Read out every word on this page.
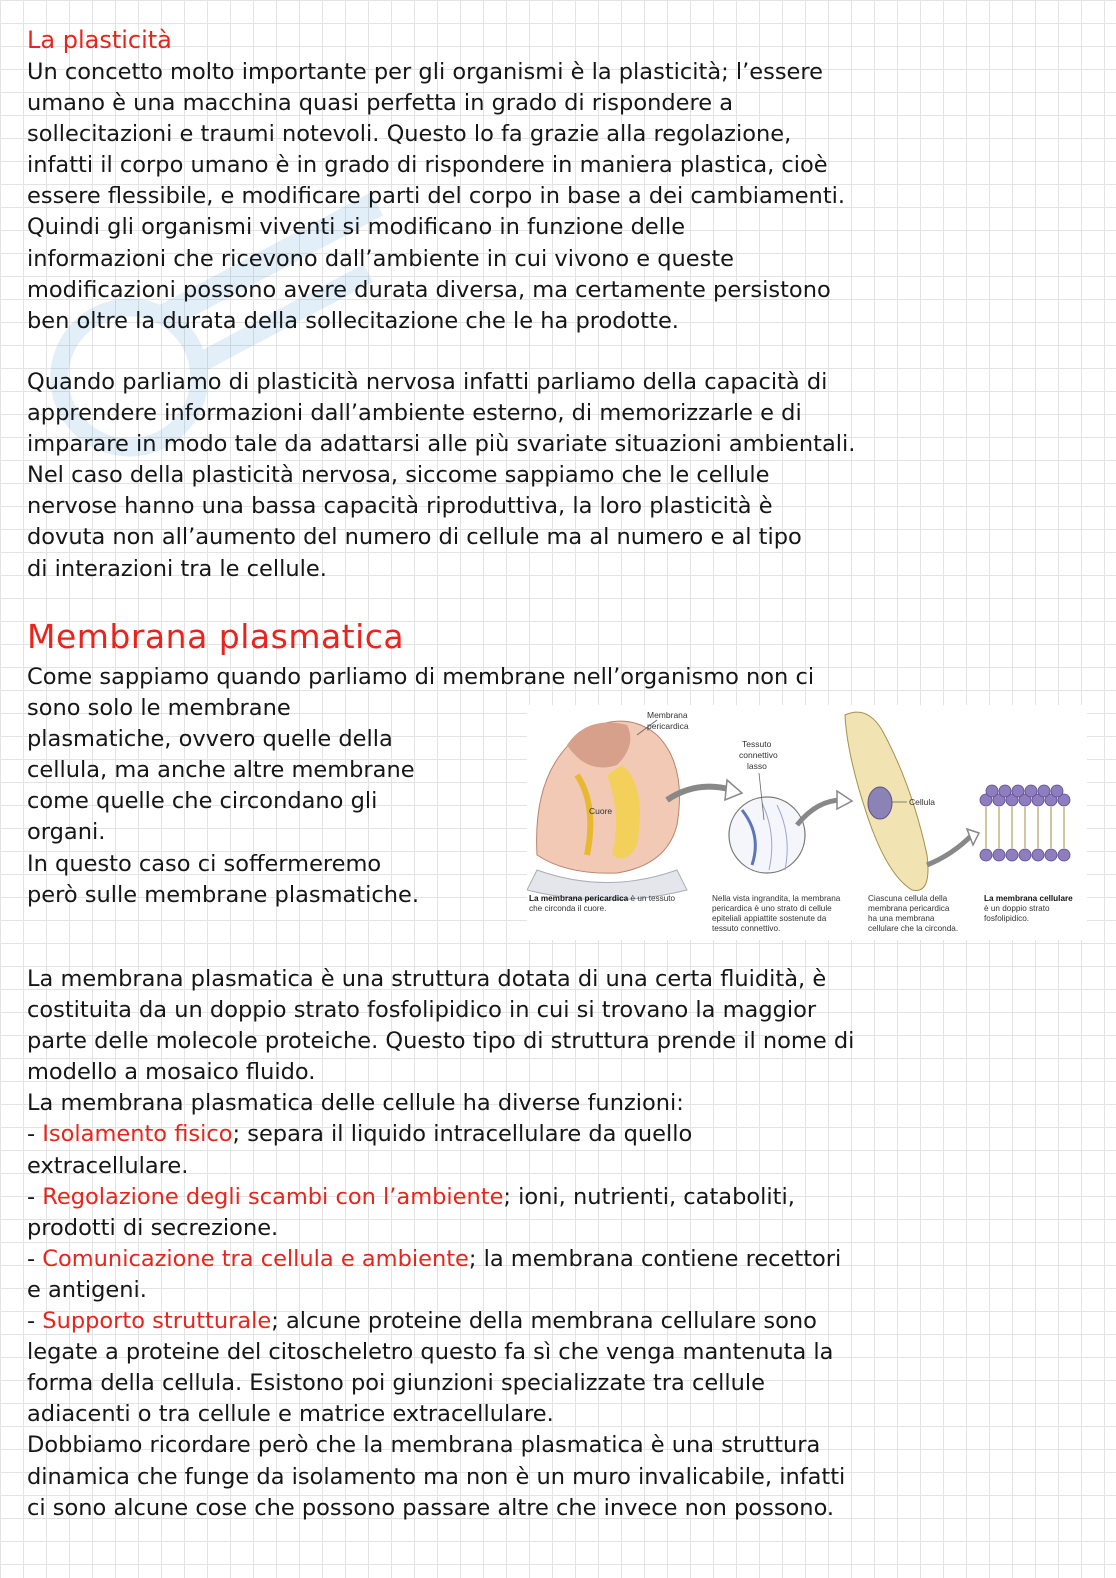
La plasticità

Un concetto molto importante per gli organismi è la plasticità; l’essere
umano è una macchina quasi perfetta in grado di rispondere a
sollecitazioni e traumi notevoli. Questo lo fa grazie alla regolazione,
infatti il corpo umano è in grado di rispondere in maniera plastica, cioè
essere flessibile, e modificare parti del corpo in base a dei cambiamenti.
Quindi gli organismi viventi si modificano in funzione delle
informazioni che ricevono dall’ambiente in cui vivono e queste
modificazioni possono avere durata diversa, ma certamente persistono
ben oltre la durata della sollecitazione che le ha prodotte.

Quando parliamo di plasticità nervosa infatti parliamo della capacità di
apprendere informazioni dall’ambiente esterno, di memorizzarle e di
imparare in modo tale da adattarsi alle più svariate situazioni ambientali.
Nel caso della plasticità nervosa, siccome sappiamo che le cellule
nervose hanno una bassa capacità riproduttiva, la loro plasticità è
dovuta non all’aumento del numero di cellule ma al numero e al tipo
di interazioni tra le cellule.

Membrana plasmatica

Come sappiamo quando parliamo di membrane nell’organismo non ci
sono solo le membrane
plasmatiche, ovvero quelle della
cellula, ma anche altre membrane
come quelle che circondano gli
organi.
In questo caso ci soffermeremo
però sulle membrane plasmatiche.

Membrana
pericardica
Cuore
Tessuto
connettivo
lasso
Cellula
La membrana pericardica è un tessuto
che circonda il cuore.
Nella vista ingrandita, la membrana
pericardica è uno strato di cellule
epiteliali appiattite sostenute da
tessuto connettivo.
Ciascuna cellula della
membrana pericardica
ha una membrana
cellulare che la circonda.
La membrana cellulare
è un doppio strato
fosfolipidico.

La membrana plasmatica è una struttura dotata di una certa fluidità, è
costituita da un doppio strato fosfolipidico in cui si trovano la maggior
parte delle molecole proteiche. Questo tipo di struttura prende il nome di
modello a mosaico fluido.
La membrana plasmatica delle cellule ha diverse funzioni:
- Isolamento fisico; separa il liquido intracellulare da quello
extracellulare.
- Regolazione degli scambi con l’ambiente; ioni, nutrienti, cataboliti,
prodotti di secrezione.
- Comunicazione tra cellula e ambiente; la membrana contiene recettori
e antigeni.
- Supporto strutturale; alcune proteine della membrana cellulare sono
legate a proteine del citoscheletro questo fa sì che venga mantenuta la
forma della cellula. Esistono poi giunzioni specializzate tra cellule
adiacenti o tra cellule e matrice extracellulare.
Dobbiamo ricordare però che la membrana plasmatica è una struttura
dinamica che funge da isolamento ma non è un muro invalicabile, infatti
ci sono alcune cose che possono passare altre che invece non possono.
